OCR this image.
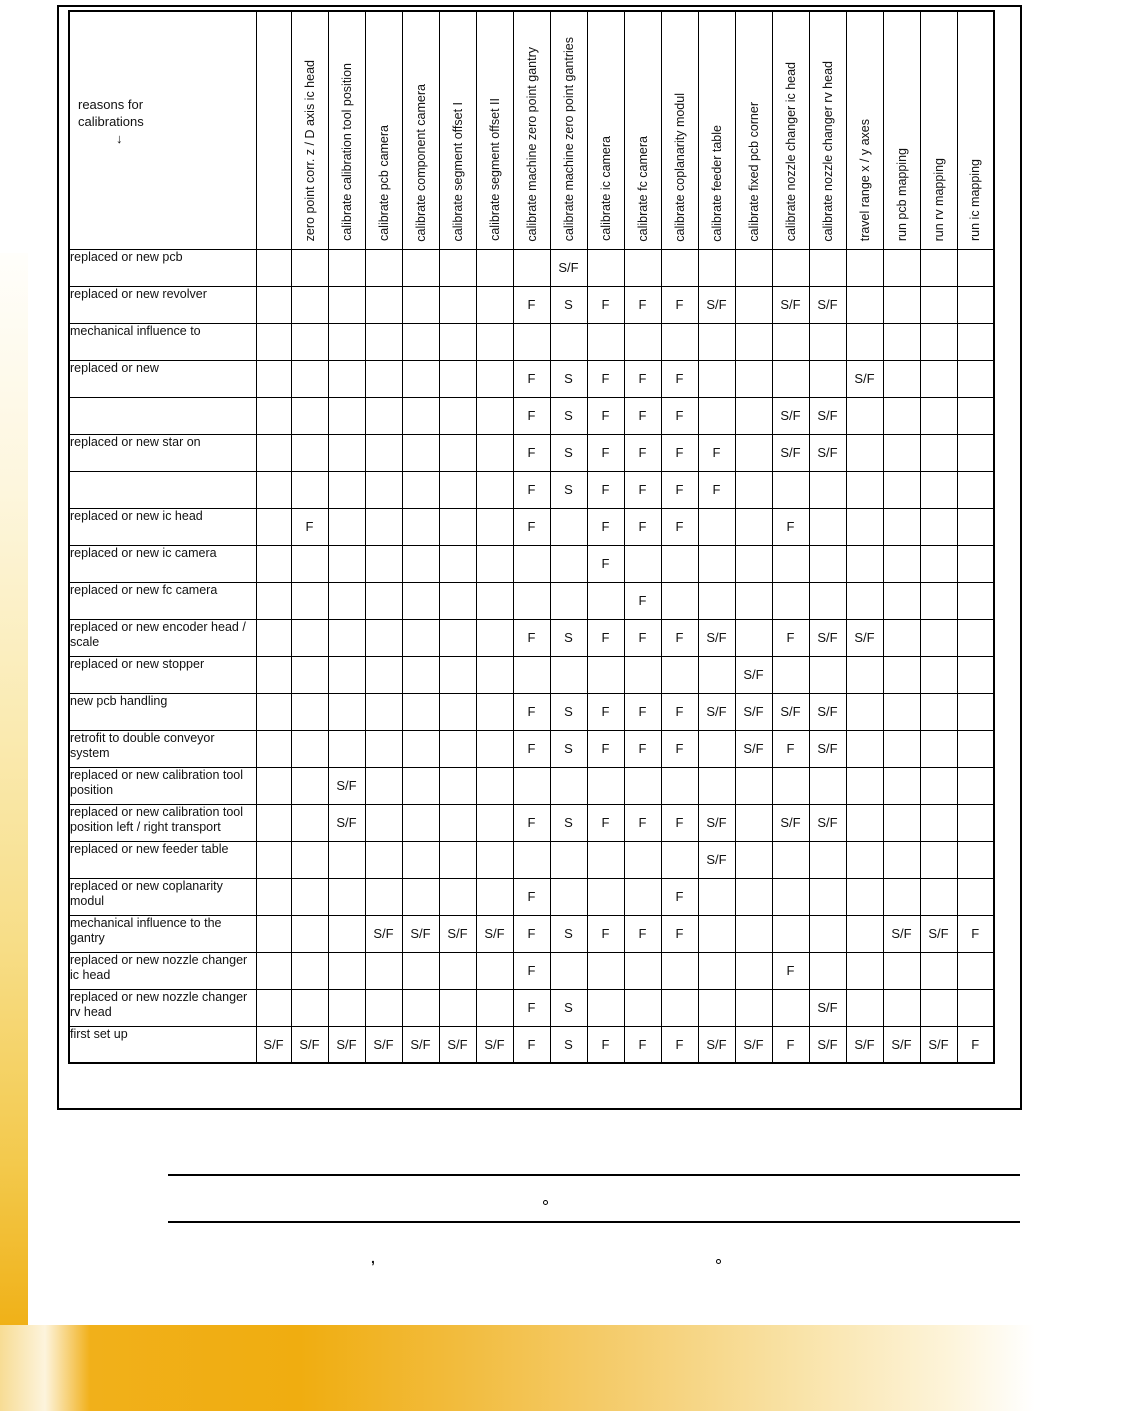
reasons for
calibrations
↓		zero point corr. z / D axis ic head	calibrate calibration tool position	calibrate pcb camera	calibrate component camera	calibrate segment offset I	calibrate segment offset II	calibrate machine zero point gantry	calibrate machine zero point gantries	calibrate ic camera	calibrate fc camera	calibrate coplanarity modul	calibrate feeder table	calibrate fixed pcb corner	calibrate nozzle changer ic head	calibrate nozzle changer rv head	travel range x / y axes	run pcb mapping	run rv mapping	run ic mapping

replaced or new pcb									S/F											
replaced or new revolver								F	S	F	F	F	S/F		S/F	S/F				
mechanical influence to																				
replaced or new								F	S	F	F	F					S/F			
								F	S	F	F	F			S/F	S/F				
replaced or new star on								F	S	F	F	F	F		S/F	S/F				
								F	S	F	F	F	F							
replaced or new ic head		F						F		F	F	F			F					
replaced or new ic camera										F										
replaced or new fc camera											F									
replaced or new encoder head / scale								F	S	F	F	F	S/F		F	S/F	S/F			
replaced or new stopper														S/F						
new pcb handling								F	S	F	F	F	S/F	S/F	S/F	S/F				
retrofit to double conveyor system								F	S	F	F	F		S/F	F	S/F				
replaced or new calibration tool position			S/F																	
replaced or new calibration tool position left / right transport			S/F					F	S	F	F	F	S/F		S/F	S/F				
replaced or new feeder table													S/F							
replaced or new coplanarity modul								F				F								
mechanical influence to the gantry				S/F	S/F	S/F	S/F	F	S	F	F	F						S/F	S/F	F
replaced or new nozzle changer ic head								F							F					
replaced or new nozzle changer rv head								F	S							S/F				
first set up	S/F	S/F	S/F	S/F	S/F	S/F	S/F	F	S	F	F	F	S/F	S/F	F	S/F	S/F	S/F	S/F	F
,
